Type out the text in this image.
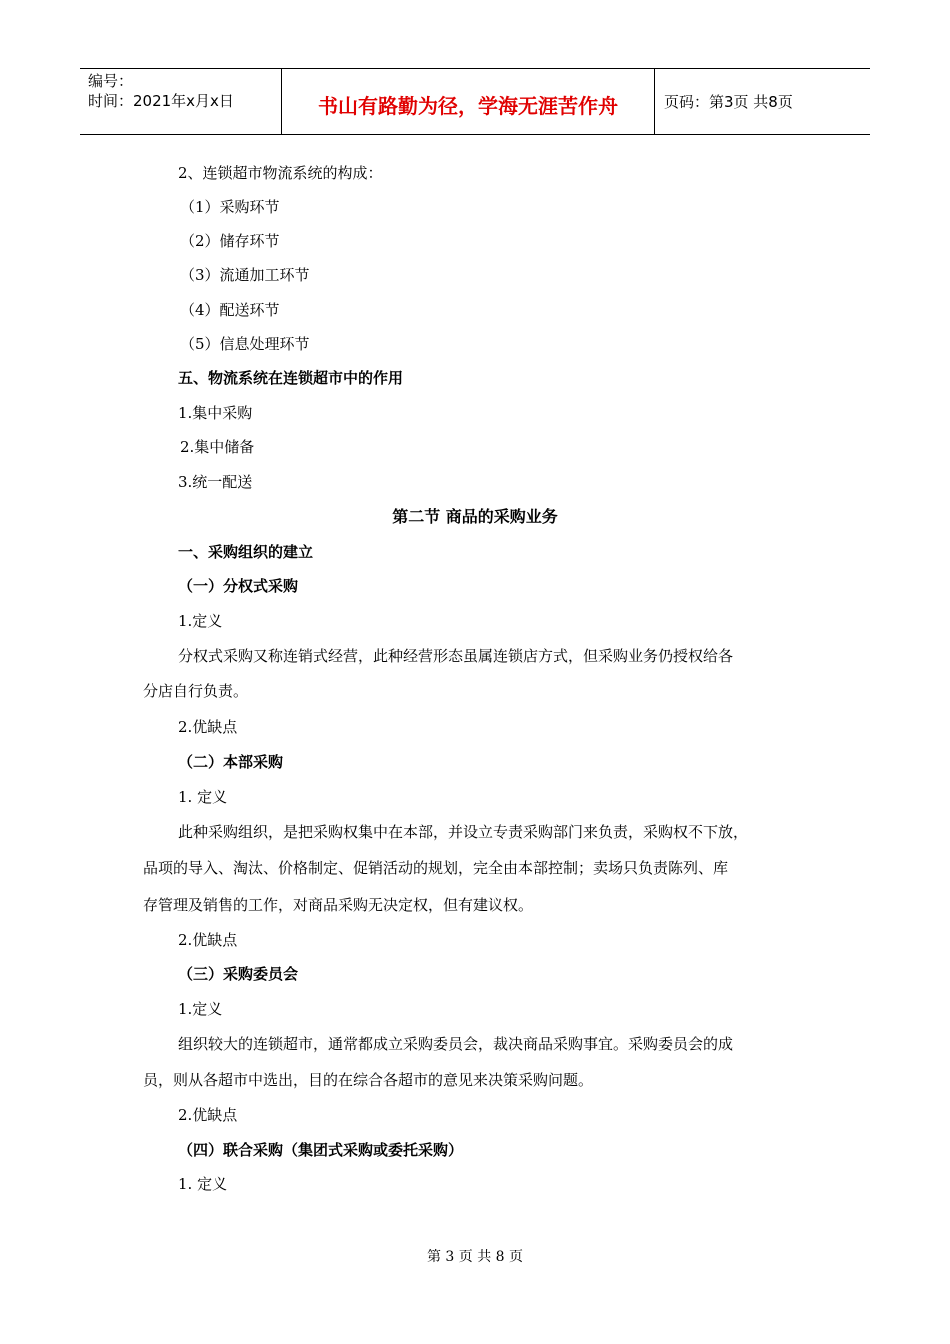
编号：
时间：2021年x月x日	书山有路勤为径，学海无涯苦作舟	页码：第3页 共8页
2、连锁超市物流系统的构成：
（1）采购环节
（2）储存环节
（3）流通加工环节
（4）配送环节
（5）信息处理环节
五、物流系统在连锁超市中的作用
1.集中采购
2.集中储备
3.统一配送
第二节 商品的采购业务
一、采购组织的建立
（一）分权式采购
1.定义
分权式采购又称连销式经营，此种经营形态虽属连锁店方式，但采购业务仍授权给各
分店自行负责。
2.优缺点
（二）本部采购
1. 定义
此种采购组织，是把采购权集中在本部，并设立专责采购部门来负责，采购权不下放，
品项的导入、淘汰、价格制定、促销活动的规划，完全由本部控制；卖场只负责陈列、库
存管理及销售的工作，对商品采购无决定权，但有建议权。
2.优缺点
（三）采购委员会
1.定义
组织较大的连锁超市，通常都成立采购委员会，裁决商品采购事宜。采购委员会的成
员，则从各超市中选出，目的在综合各超市的意见来决策采购问题。
2.优缺点
（四）联合采购（集团式采购或委托采购）
1. 定义
第 3 页 共 8 页
